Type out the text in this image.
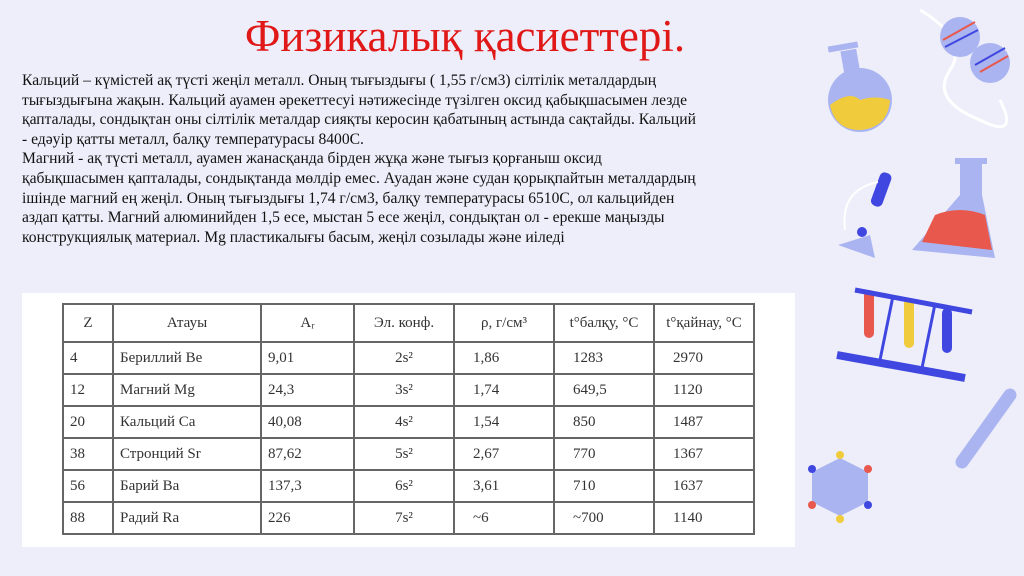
Физикалық қасиеттері.
Кальций – күмістей ақ түсті жеңіл металл. Оның тығыздығы ( 1,55 г/см3) сілтілік металдардың
тығыздығына жақын. Кальций ауамен әрекеттесуі нәтижесінде түзілген оксид қабықшасымен лезде
қапталады, сондықтан оны сілтілік металдар сияқты керосин қабатының астында сақтайды. Кальций
- едәуір қатты металл, балқу температурасы 8400С.
Магний - ақ түсті металл, ауамен жанасқанда бірден жұқа және тығыз қорғаныш оксид
қабықшасымен қапталады, сондықтанда мөлдір емес. Ауадан және судан қорықпайтын металдардың
ішінде магний ең жеңіл. Оның тығыздығы 1,74 г/см3, балқу температурасы 6510С, ол кальцийден
аздап қатты. Магний алюминийден 1,5 есе, мыстан 5 есе жеңіл, сондықтан ол - ерекше маңызды
конструкциялық материал. Mg пластикалығы басым, жеңіл созылады және иіледі
Z	Атауы	Aᵣ	Эл. конф.	ρ, г/см³	t°балқу, °C	t°қайнау, °C
4	Бериллий Be	9,01	2s²	1,86	1283	2970
12	Магний Mg	24,3	3s²	1,74	649,5	1120
20	Кальций Ca	40,08	4s²	1,54	850	1487
38	Стронций Sr	87,62	5s²	2,67	770	1367
56	Барий Ba	137,3	6s²	3,61	710	1637
88	Радий Ra	226	7s²	~6	~700	1140
